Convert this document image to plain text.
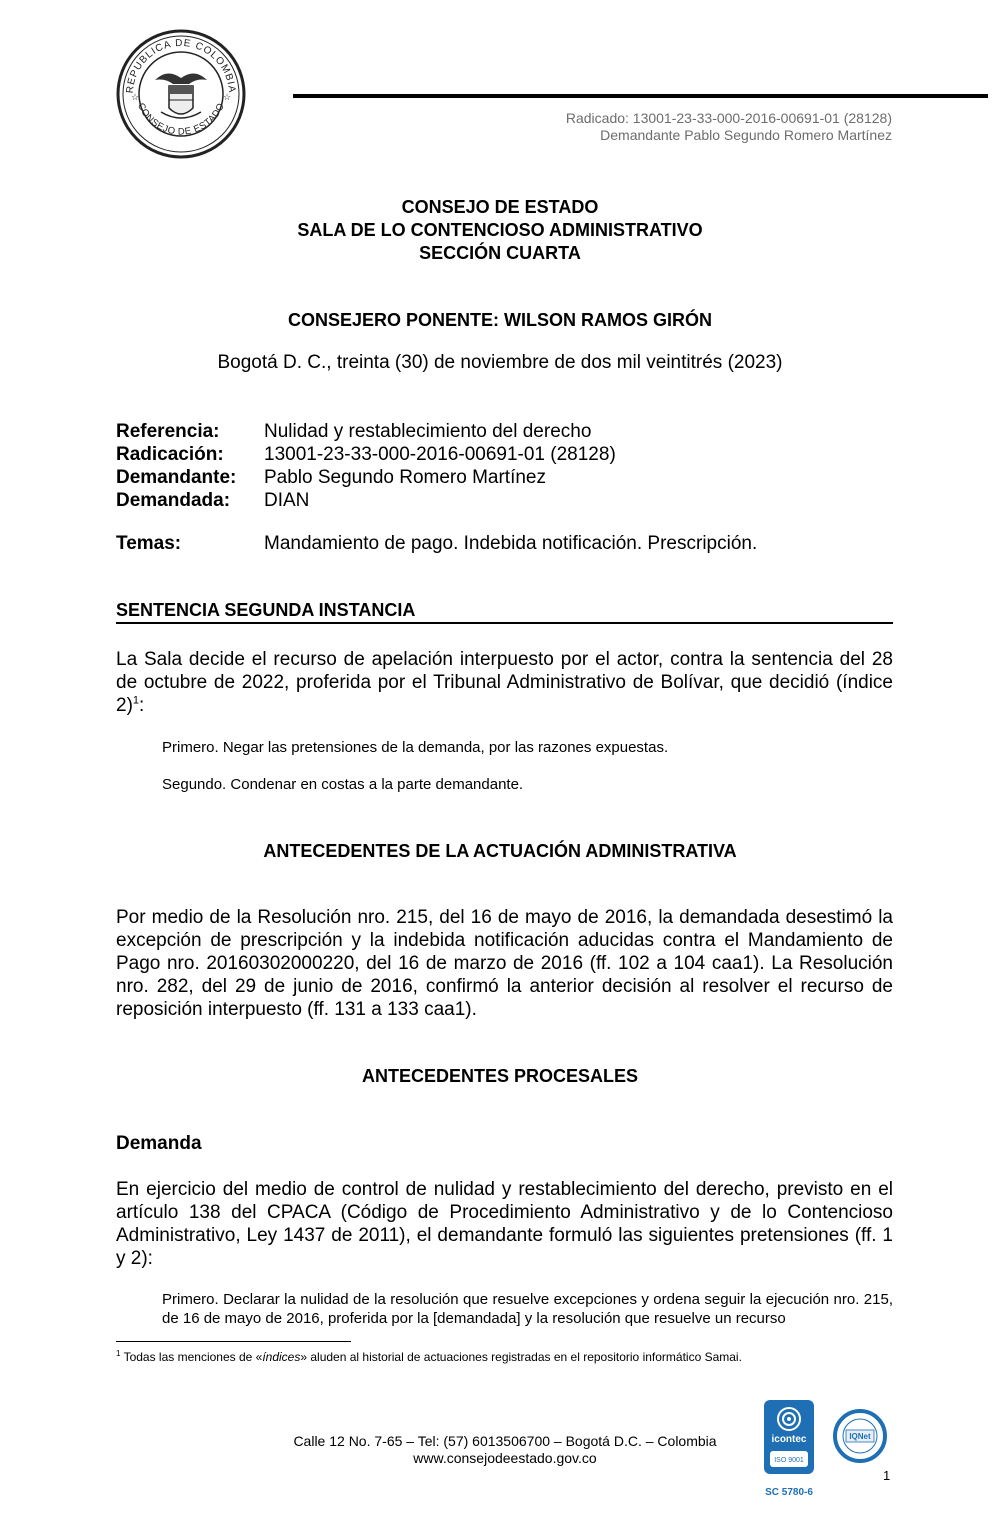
REPUBLICA DE COLOMBIA
CONSEJO DE ESTADO
☆	☆
Radicado: 13001-23-33-000-2016-00691-01 (28128)
Demandante Pablo Segundo Romero Martínez
CONSEJO DE ESTADO
SALA DE LO CONTENCIOSO ADMINISTRATIVO
SECCIÓN CUARTA
CONSEJERO PONENTE: WILSON RAMOS GIRÓN
Bogotá D. C., treinta (30) de noviembre de dos mil veintitrés (2023)
Referencia:	Nulidad y restablecimiento del derecho
Radicación:	13001-23-33-000-2016-00691-01 (28128)
Demandante:	Pablo Segundo Romero Martínez
Demandada:	DIAN
Temas:	Mandamiento de pago. Indebida notificación. Prescripción.
SENTENCIA SEGUNDA INSTANCIA
La Sala decide el recurso de apelación interpuesto por el actor, contra la sentencia del 28 de octubre de 2022, proferida por el Tribunal Administrativo de Bolívar, que decidió (índice 2)$^1$:
Primero. Negar las pretensiones de la demanda, por las razones expuestas.
Segundo. Condenar en costas a la parte demandante.
ANTECEDENTES DE LA ACTUACIÓN ADMINISTRATIVA
Por medio de la Resolución nro. 215, del 16 de mayo de 2016, la demandada desestimó la excepción de prescripción y la indebida notificación aducidas contra el Mandamiento de Pago nro. 20160302000220, del 16 de marzo de 2016 (ff. 102 a 104 caa1). La Resolución nro. 282, del 29 de junio de 2016, confirmó la anterior decisión al resolver el recurso de reposición interpuesto (ff. 131 a 133 caa1).
ANTECEDENTES PROCESALES
Demanda
En ejercicio del medio de control de nulidad y restablecimiento del derecho, previsto en el artículo 138 del CPACA (Código de Procedimiento Administrativo y de lo Contencioso Administrativo, Ley 1437 de 2011), el demandante formuló las siguientes pretensiones (ff. 1 y 2):
Primero. Declarar la nulidad de la resolución que resuelve excepciones y ordena seguir la ejecución nro. 215, de 16 de mayo de 2016, proferida por la [demandada] y la resolución que resuelve un recurso
$^1$ Todas las menciones de «índices» aluden al historial de actuaciones registradas en el repositorio informático Samai.
Calle 12 No. 7-65 – Tel: (57) 6013506700 – Bogotá D.C. – Colombia
www.consejodeestado.gov.co
1
icontec
ISO 9001
SC 5780-6
IQNet
